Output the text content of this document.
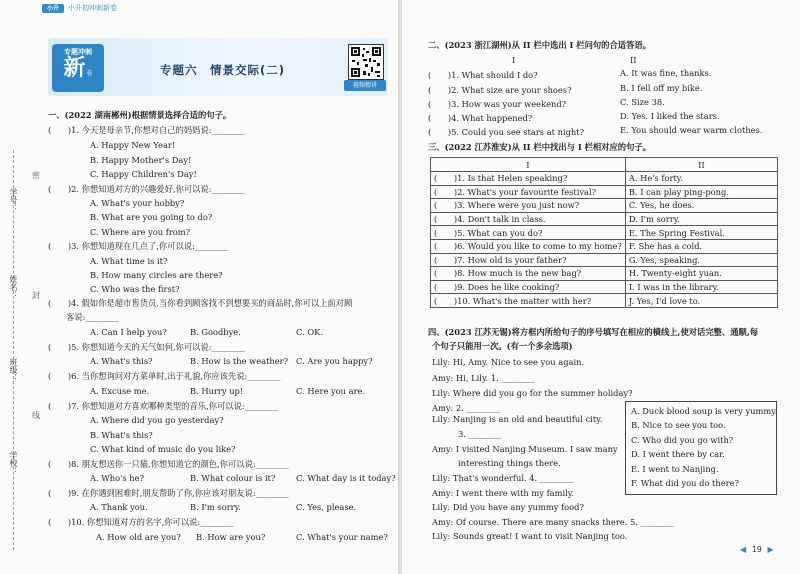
小升	小升初冲刺新卷
专题冲刺
新卷	专题六　情景交际(二)
视频精讲
学号：
姓名：
班级：
学校：
密
封
线
一、(2022 湖南郴州)根据情景选择合适的句子。
(　　)1. 今天是母亲节,你想对自己的妈妈说:________
A. Happy New Year!
B. Happy Mother's Day!
C. Happy Children's Day!
(　　)2. 你想知道对方的兴趣爱好,你可以说:________
A. What's your hobby?
B. What are you going to do?
C. Where are you from?
(　　)3. 你想知道现在几点了,你可以说:________
A. What time is it?
B. How many circles are there?
C. Who was the first?
(　　)4. 假如你是超市售货员,当你看到顾客找不到想要买的商品时,你可以上前对顾
客说:________
A. Can I help you?	B. Goodbye.	C. OK.
(　　)5. 你想知道今天的天气如何,你可以说:________
A. What's this?	B. How is the weather? C. Are you happy?
(　　)6. 当你想询问对方菜单时,出于礼貌,你应该先说:________
A. Excuse me.	B. Hurry up!	C. Here you are.
(　　)7. 你想知道对方喜欢哪种类型的音乐,你可以说:________
A. Where did you go yesterday?
B. What's this?
C. What kind of music do you like?
(　　)8. 朋友想送你一只猫,你想知道它的颜色,你可以说:________
A. Who's he?	B. What colour is it? C. What day is it today?
(　　)9. 在你遇到困难时,朋友帮助了你,你应该对朋友说:________
A. Thank you.	B. I'm sorry.	C. Yes, please.
(　　)10. 你想知道对方的名字,你可以说:________
A. How old are you? B. How are you?	C. What's your name?
二、(2023 浙江湖州)从 II 栏中选出 I 栏问句的合适答语。
I	II
(　　)1. What should I do?	A. It was fine, thanks.
(　　)2. What size are your shoes?	B. I fell off my bike.
(　　)3. How was your weekend?	C. Size 38.
(　　)4. What happened?	D. Yes. I liked the stars.
(　　)5. Could you see stars at night?	E. You should wear warm clothes.
三、(2022 江苏淮安)从 II 栏中找出与 I 栏相对应的句子。
I	II
(　　)1. Is that Helen speaking?	A. He's forty.
(　　)2. What's your favourite festival?	B. I can play ping-pong.
(　　)3. Where were you just now?	C. Yes, he does.
(　　)4. Don't talk in class.	D. I'm sorry.
(　　)5. What can you do?	E. The Spring Festival.
(　　)6. Would you like to come to my home?	F. She has a cold.
(　　)7. How old is your father?	G. Yes, speaking.
(　　)8. How much is the new bag?	H. Twenty-eight yuan.
(　　)9. Does he like cooking?	I. I was in the library.
(　　)10. What's the matter with her?	J. Yes, I'd love to.
四、(2023 江苏无锡)将方框内所给句子的序号填写在相应的横线上,使对话完整、通顺,每
个句子只能用一次。(有一个多余选项)
Lily: Hi, Amy. Nice to see you again.
Amy: Hi, Lily. 1. ________
Lily: Where did you go for the summer holiday?
Amy: 2. ________
Lily: Nanjing is an old and beautiful city.
3. ________
Amy: I visited Nanjing Museum. I saw many
interesting things there.
Lily: That's wonderful. 4. ________
Amy: I went there with my family.
Lily: Did you have any yummy food?
Amy: Of course. There are many snacks there. 5. ________
Lily: Sounds great! I want to visit Nanjing too.
A. Duck blood soup is very yummy.
B. Nice to see you too.
C. Who did you go with?
D. I went there by car.
E. I went to Nanjing.
F. What did you do there?
◀ 19 ▶
